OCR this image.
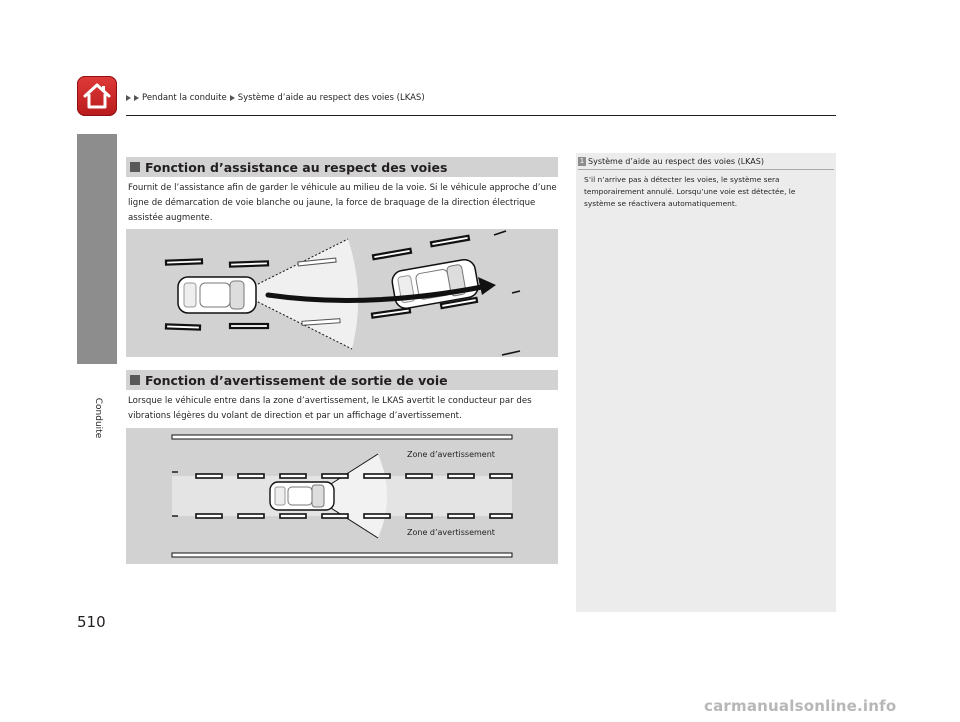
Pendant la conduite Système d’aide au respect des voies (LKAS)
Conduite
Fonction d’assistance au respect des voies
Fournit de l’assistance afin de garder le véhicule au milieu de la voie. Si le véhicule approche d’une ligne de démarcation de voie blanche ou jaune, la force de braquage de la direction électrique assistée augmente.
Fonction d’avertissement de sortie de voie
Lorsque le véhicule entre dans la zone d’avertissement, le LKAS avertit le conducteur par des vibrations légères du volant de direction et par un affichage d’avertissement.
Zone d’avertissement
Zone d’avertissement
1 Système d’aide au respect des voies (LKAS)
S’il n’arrive pas à détecter les voies, le système sera temporairement annulé. Lorsqu’une voie est détectée, le système se réactivera automatiquement.
510
carmanualsonline.info
